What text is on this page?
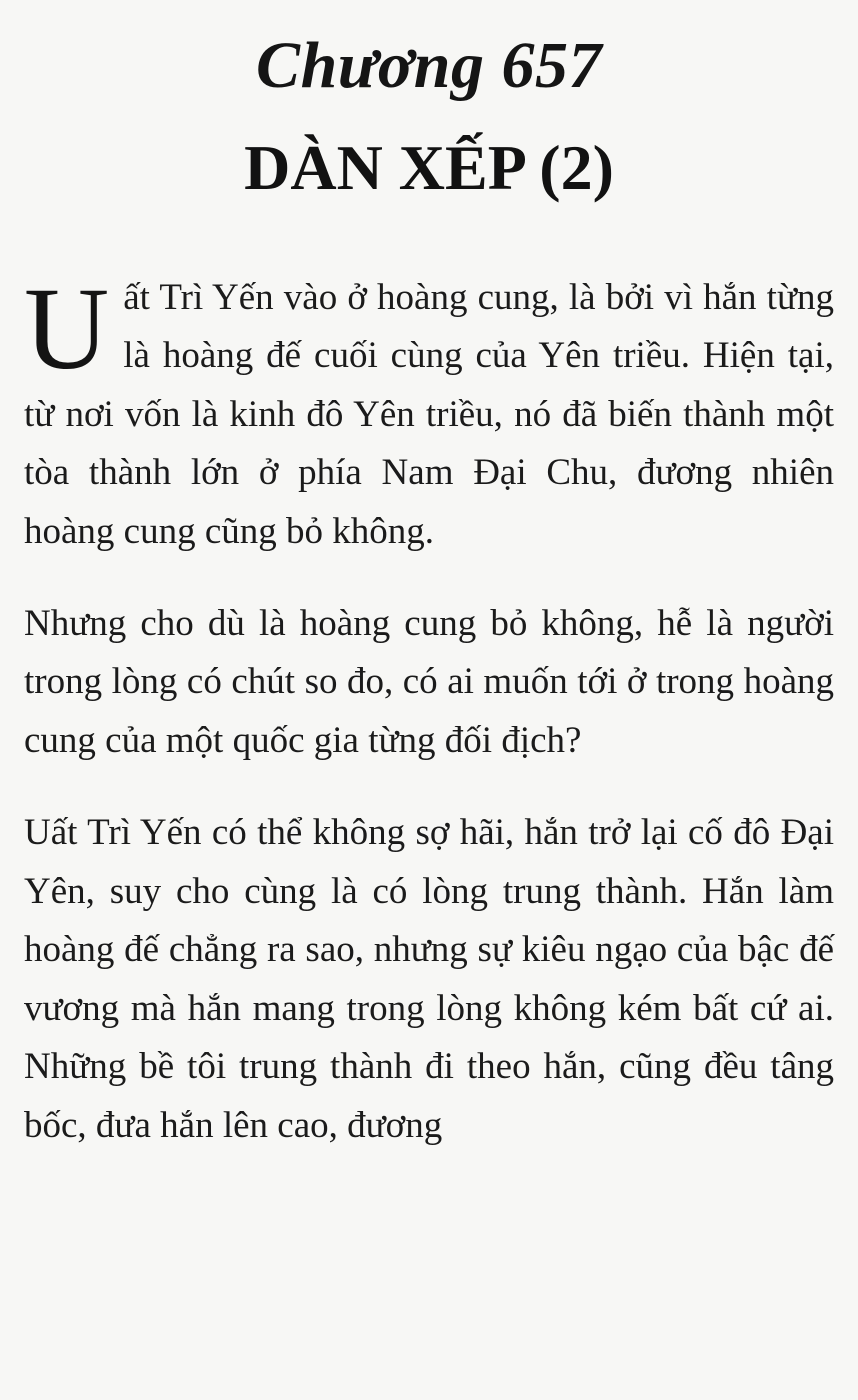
Chương 657
DÀN XẾP (2)

Uất Trì Yến vào ở hoàng cung, là bởi vì hắn từng là hoàng đế cuối cùng của Yên triều. Hiện tại, từ nơi vốn là kinh đô Yên triều, nó đã biến thành một tòa thành lớn ở phía Nam Đại Chu, đương nhiên hoàng cung cũng bỏ không.

Nhưng cho dù là hoàng cung bỏ không, hễ là người trong lòng có chút so đo, có ai muốn tới ở trong hoàng cung của một quốc gia từng đối địch?

Uất Trì Yến có thể không sợ hãi, hắn trở lại cố đô Đại Yên, suy cho cùng là có lòng trung thành. Hắn làm hoàng đế chẳng ra sao, nhưng sự kiêu ngạo của bậc đế vương mà hắn mang trong lòng không kém bất cứ ai. Những bề tôi trung thành đi theo hắn, cũng đều tâng bốc, đưa hắn lên cao, đương
